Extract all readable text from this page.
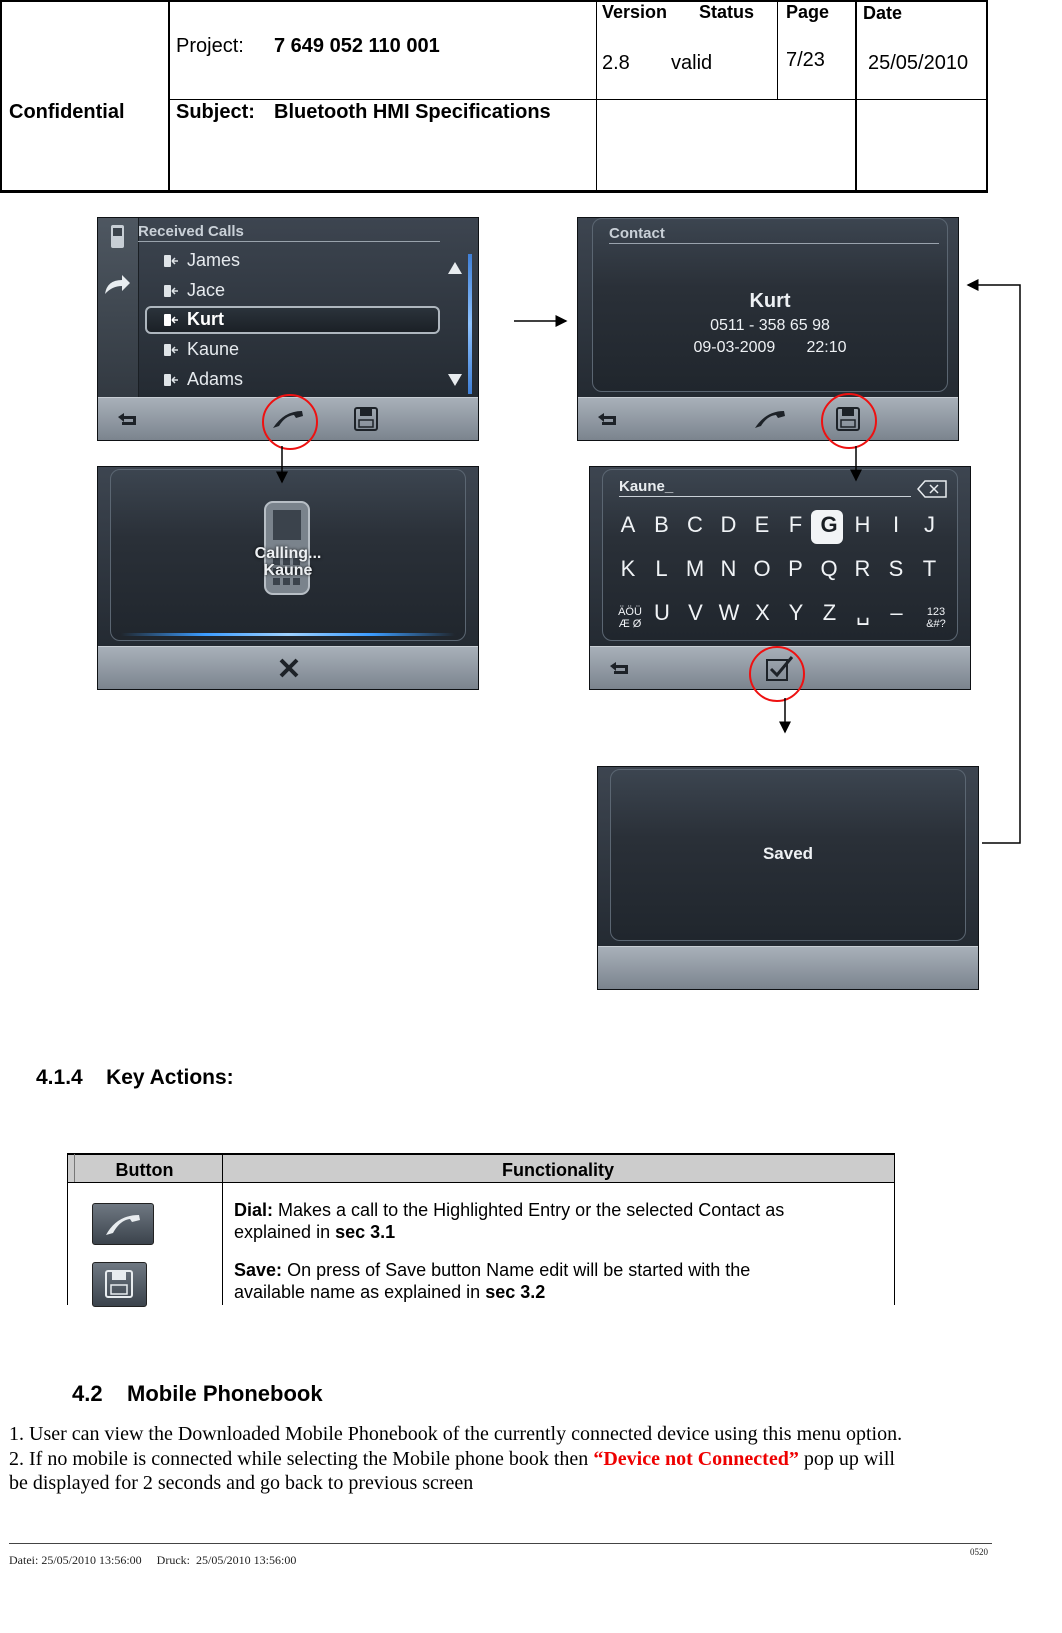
Confidential
Project: 7 649 052 110 001
Subject: Bluetooth HMI Specifications
Version Status
2.8 valid
Page
7/23
Date
25/05/2010
Received Calls
James
Jace
Kurt
Kaune
Adams
Contact
Kurt
0511 - 358 65 98
09-03-2009 22:10
Calling...
Kaune
Kaune_
A B C D E F G H	I	J
K L M N O P Q R S T
U V W X Y Z ␣ –
ÄÖÜ Æ Ø
123 &#?
Saved
4.1.4 Key Actions:
Button	Functionality
Dial: Makes a call to the Highlighted Entry or the selected Contact as
explained in sec 3.1
Save: On press of Save button Name edit will be started with the
available name as explained in sec 3.2
4.2 Mobile Phonebook
1. User can view the Downloaded Mobile Phonebook of the currently connected device using this menu option.
2. If no mobile is connected while selecting the Mobile phone book then “Device not Connected” pop up will
be displayed for 2 seconds and go back to previous screen
0520
Datei: 25/05/2010 13:56:00     Druck:  25/05/2010 13:56:00
